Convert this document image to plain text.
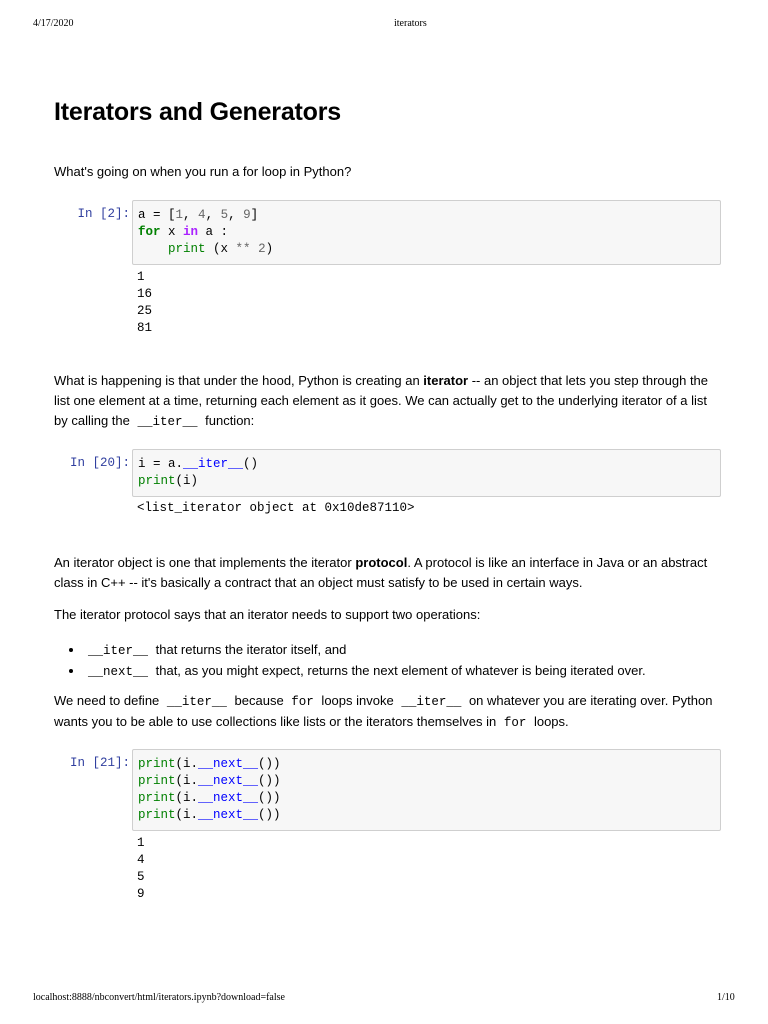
4/17/2020	iterators
Iterators and Generators
What's going on when you run a for loop in Python?
In [2]: a = [1, 4, 5, 9]
for x in a :
print (x ** 2)
1
16
25
81
What is happening is that under the hood, Python is creating an iterator -- an object that lets you step through the list one element at a time, returning each element as it goes. We can actually get to the underlying iterator of a list by calling the __iter__ function:
In [20]: i = a.__iter__()
print(i)
<list_iterator object at 0x10de87110>
An iterator object is one that implements the iterator protocol. A protocol is like an interface in Java or an abstract class in C++ -- it's basically a contract that an object must satisfy to be used in certain ways.
The iterator protocol says that an iterator needs to support two operations:
• __iter__ that returns the iterator itself, and
• __next__ that, as you might expect, returns the next element of whatever is being iterated over.
We need to define __iter__ because for loops invoke __iter__ on whatever you are iterating over. Python wants you to be able to use collections like lists or the iterators themselves in for loops.
In [21]: print(i.__next__())
print(i.__next__())
print(i.__next__())
print(i.__next__())
1
4
5
9
localhost:8888/nbconvert/html/iterators.ipynb?download=false	1/10
